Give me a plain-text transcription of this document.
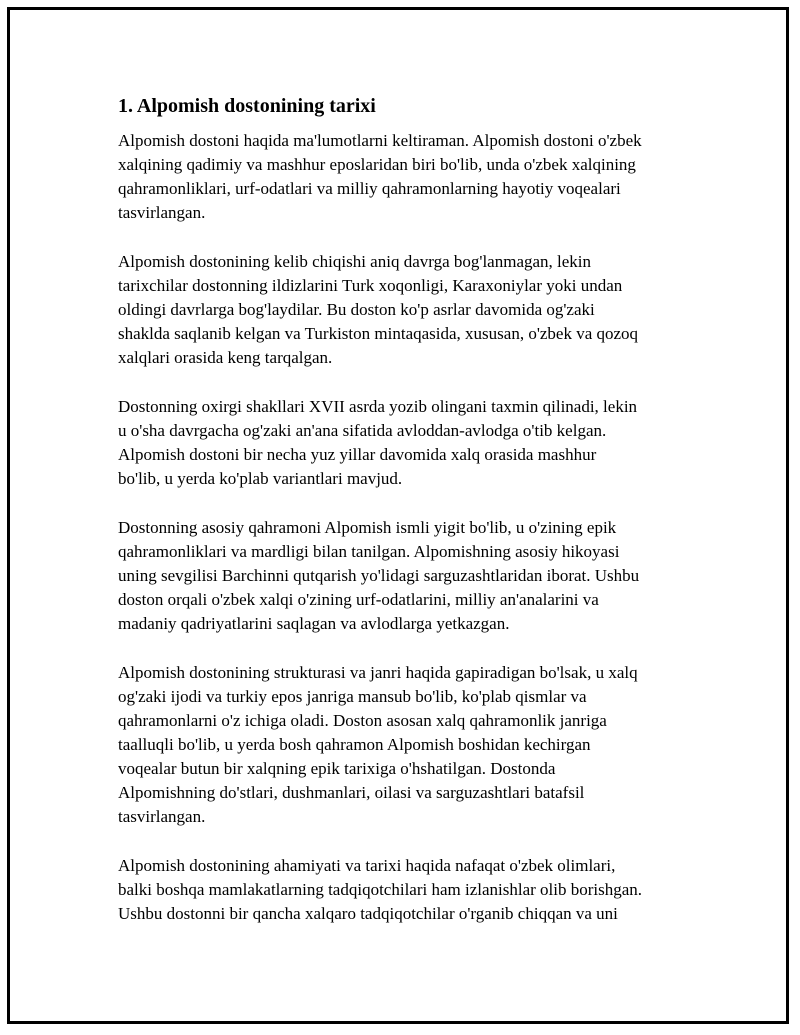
1. Alpomish dostonining tarixi

Alpomish dostoni haqida ma'lumotlarni keltiraman. Alpomish dostoni o'zbek
xalqining qadimiy va mashhur eposlaridan biri bo'lib, unda o'zbek xalqining
qahramonliklari, urf-odatlari va milliy qahramonlarning hayotiy voqealari
tasvirlangan.

Alpomish dostonining kelib chiqishi aniq davrga bog'lanmagan, lekin
tarixchilar dostonning ildizlarini Turk xoqonligi, Karaxoniylar yoki undan
oldingi davrlarga bog'laydilar. Bu doston ko'p asrlar davomida og'zaki
shaklda saqlanib kelgan va Turkiston mintaqasida, xususan, o'zbek va qozoq
xalqlari orasida keng tarqalgan.

Dostonning oxirgi shakllari XVII asrda yozib olingani taxmin qilinadi, lekin
u o'sha davrgacha og'zaki an'ana sifatida avloddan-avlodga o'tib kelgan.
Alpomish dostoni bir necha yuz yillar davomida xalq orasida mashhur
bo'lib, u yerda ko'plab variantlari mavjud.

Dostonning asosiy qahramoni Alpomish ismli yigit bo'lib, u o'zining epik
qahramonliklari va mardligi bilan tanilgan. Alpomishning asosiy hikoyasi
uning sevgilisi Barchinni qutqarish yo'lidagi sarguzashtlaridan iborat. Ushbu
doston orqali o'zbek xalqi o'zining urf-odatlarini, milliy an'analarini va
madaniy qadriyatlarini saqlagan va avlodlarga yetkazgan.

Alpomish dostonining strukturasi va janri haqida gapiradigan bo'lsak, u xalq
og'zaki ijodi va turkiy epos janriga mansub bo'lib, ko'plab qismlar va
qahramonlarni o'z ichiga oladi. Doston asosan xalq qahramonlik janriga
taalluqli bo'lib, u yerda bosh qahramon Alpomish boshidan kechirgan
voqealar butun bir xalqning epik tarixiga o'hshatilgan. Dostonda
Alpomishning do'stlari, dushmanlari, oilasi va sarguzashtlari batafsil
tasvirlangan.

Alpomish dostonining ahamiyati va tarixi haqida nafaqat o'zbek olimlari,
balki boshqa mamlakatlarning tadqiqotchilari ham izlanishlar olib borishgan.
Ushbu dostonni bir qancha xalqaro tadqiqotchilar o'rganib chiqqan va uni
